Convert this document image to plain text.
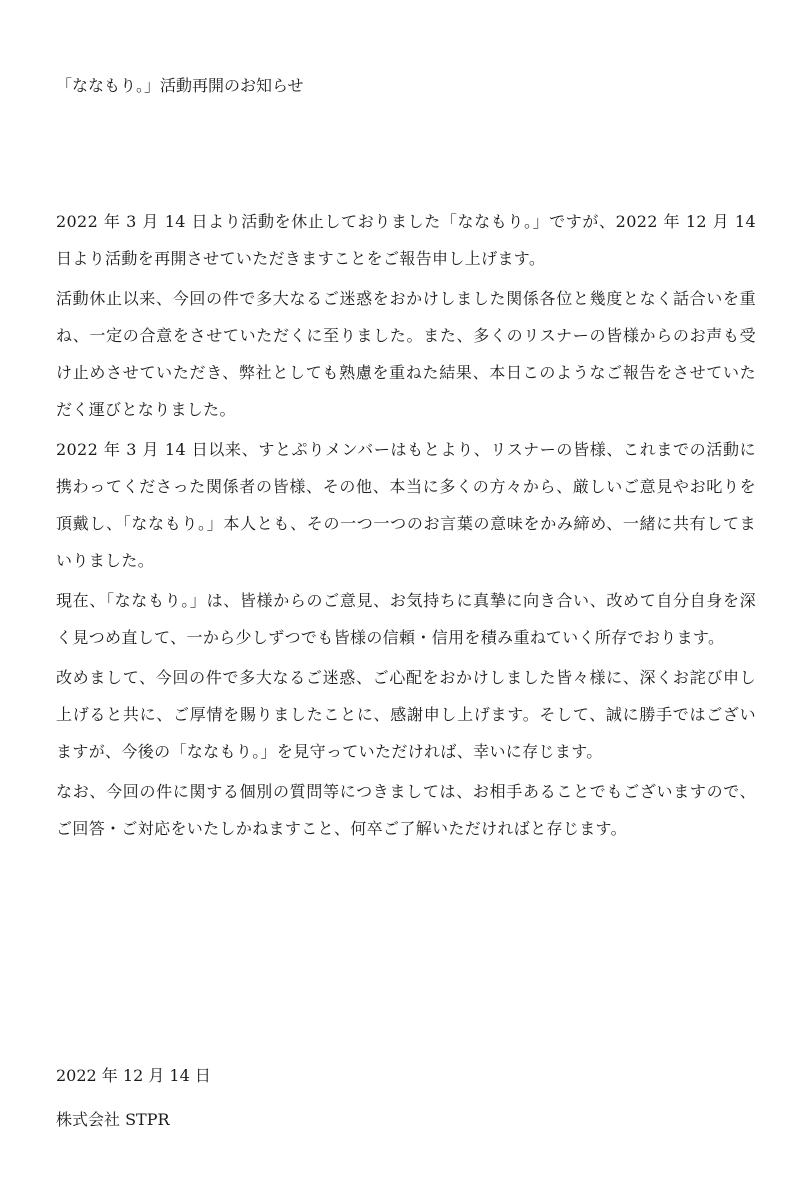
「ななもり。」活動再開のお知らせ

2022 年 3 月 14 日より活動を休止しておりました「ななもり。」ですが、2022 年 12 月 14 日より活動を再開させていただきますことをご報告申し上げます。

活動休止以来、今回の件で多大なるご迷惑をおかけしました関係各位と幾度となく話合いを重ね、一定の合意をさせていただくに至りました。また、多くのリスナーの皆様からのお声も受け止めさせていただき、弊社としても熟慮を重ねた結果、本日このようなご報告をさせていただく運びとなりました。

2022 年 3 月 14 日以来、すとぷりメンバーはもとより、リスナーの皆様、これまでの活動に携わってくださった関係者の皆様、その他、本当に多くの方々から、厳しいご意見やお叱りを頂戴し、「ななもり。」本人とも、その一つ一つのお言葉の意味をかみ締め、一緒に共有してまいりました。

現在、「ななもり。」は、皆様からのご意見、お気持ちに真摯に向き合い、改めて自分自身を深く見つめ直して、一から少しずつでも皆様の信頼・信用を積み重ねていく所存でおります。

改めまして、今回の件で多大なるご迷惑、ご心配をおかけしました皆々様に、深くお詫び申し上げると共に、ご厚情を賜りましたことに、感謝申し上げます。そして、誠に勝手ではございますが、今後の「ななもり。」を見守っていただければ、幸いに存じます。

なお、今回の件に関する個別の質問等につきましては、お相手あることでもございますので、ご回答・ご対応をいたしかねますこと、何卒ご了解いただければと存じます。

2022 年 12 月 14 日
株式会社 STPR
